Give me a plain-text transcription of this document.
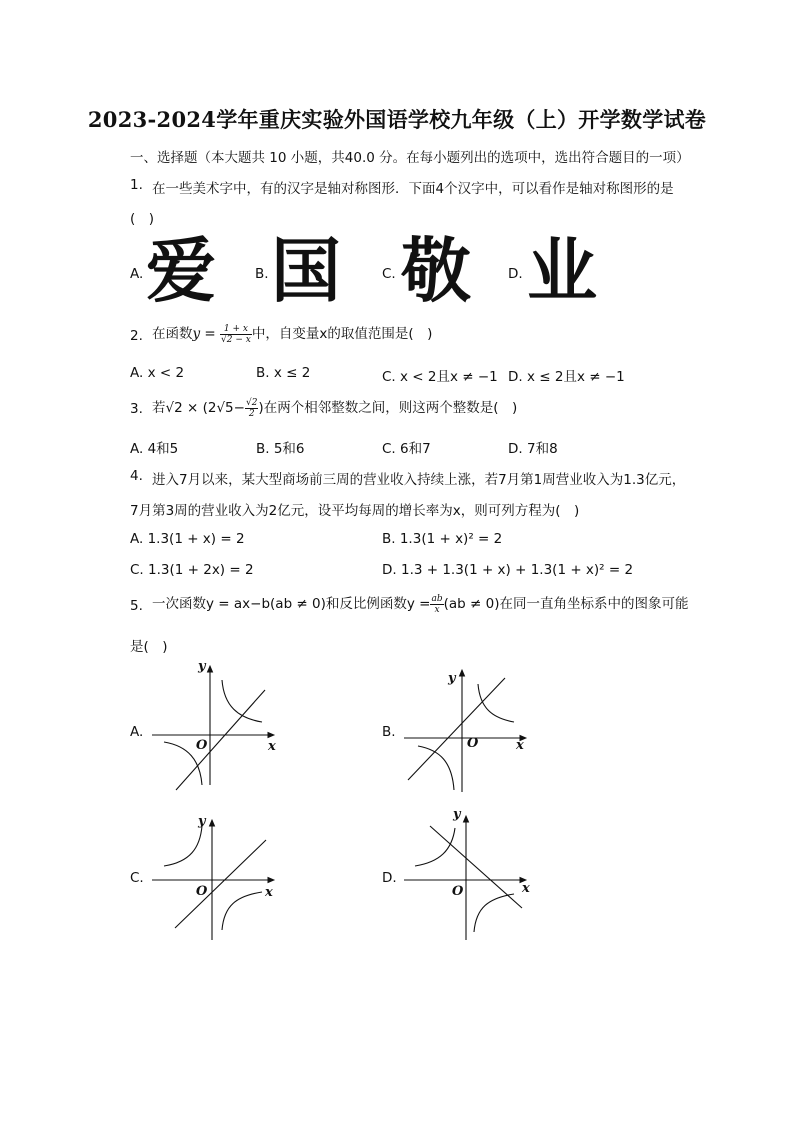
2023-2024学年重庆实验外国语学校九年级（上）开学数学试卷
一、选择题（本大题共 10 小题，共40.0 分。在每小题列出的选项中，选出符合题目的一项）
1. 在一些美术字中，有的汉字是轴对称图形．下面4个汉字中，可以看作是轴对称图形的是
(　)
A. 爱	B. 国	C. 敬	D. 业
2. 在函数$y = \frac{1 + x}{√2 - x}$ 中，自变量x的取值范围是(　)
A. x < 2	B. x ≤ 2	C. x < 2且x ≠ −1 D. x ≤ 2且x ≠ −1
3. 若$√2 \times (2√5- \frac{√2}{2}$ )在两个相邻整数之间，则这两个整数是(　)
A. 4和5	B. 5和6	C. 6和7	D. 7和8
4. 进入7月以来，某大型商场前三周的营业收入持续上涨，若7月第1周营业收入为1.3亿元，
7月第3周的营业收入为2亿元，设平均每周的增长率为x，则可列方程为(　)
A. 1.3(1 + x) = 2	B. 1.3(1 + x)² = 2
C. 1.3(1 + 2x) = 2	D. 1.3 + 1.3(1 + x) + 1.3(1 + x)² = 2
5. 一次函数y = ax−b(ab ≠ 0)和反比例函数$y = \frac{ab}{x} (ab \ne 0)$在同一直角坐标系中的图象可能
是(　)
A.	B.
C.	D.
y
x
O
y
x
O
y
x
O
y
x
O
